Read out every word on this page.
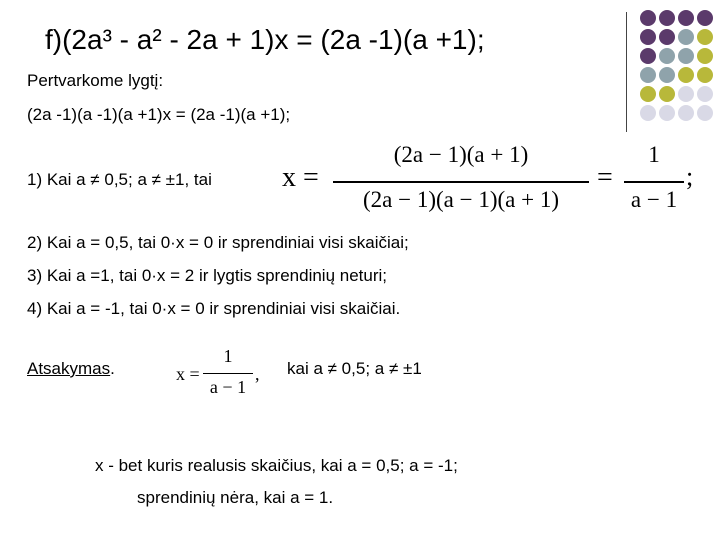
f)(2a³ - a² - 2a + 1)x = (2a -1)(a +1);
Pertvarkome lygtį:
(2a -1)(a -1)(a +1)x = (2a -1)(a +1);
1) Kai a ≠ 0,5; a ≠ ±1, tai	x =
(2a − 1)(a + 1)
(2a − 1)(a − 1)(a + 1)
=
1
a − 1
;
2) Kai a = 0,5, tai 0·x = 0 ir sprendiniai visi skaičiai;
3) Kai a =1, tai 0·x = 2 ir lygtis sprendinių neturi;
4) Kai a = -1, tai 0·x = 0 ir sprendiniai visi skaičiai.
Atsakymas.	x =
1
a − 1
, kai a ≠ 0,5; a ≠ ±1
x - bet kuris realusis skaičius, kai a = 0,5; a = -1;
sprendinių nėra, kai a = 1.
